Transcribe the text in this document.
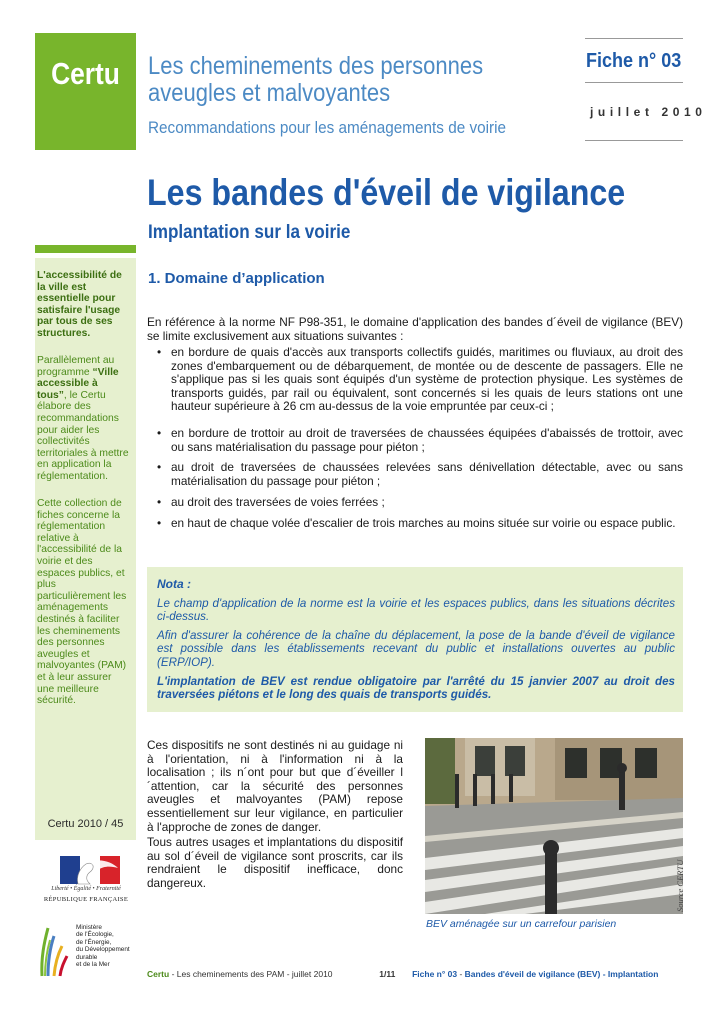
Certu
L'accessibilité de la ville est essentielle pour satisfaire l'usage par tous de ses structures.
Parallèlement au programme “Ville accessible à tous”, le Certu élabore des recommandations pour aider les collectivités territoriales à mettre en application la réglementation.
Cette collection de fiches concerne la réglementation relative à l'accessibilité de la voirie et des espaces publics, et plus particulièrement les aménagements destinés à faciliter les cheminements des personnes aveugles et malvoyantes (PAM) et à leur assurer une meilleure sécurité.
Certu 2010 / 45
Liberté • Égalité • Fraternité
RÉPUBLIQUE FRANÇAISE
Ministère
de l'Écologie,
de l'Énergie,
du Développement
durable
et de la Mer
Les cheminements des personnes
aveugles et malvoyantes
Recommandations pour les aménagements de voirie
Fiche n° 03
juillet 2010
Les bandes d'éveil de vigilance
Implantation sur la voirie
1. Domaine d’application
En référence à la norme NF P98-351, le domaine d'application des bandes d´éveil de vigilance (BEV) se limite exclusivement aux situations suivantes :
• en bordure de quais d'accès aux transports collectifs guidés, maritimes ou fluviaux, au droit des zones d'embarquement ou de débarquement, de montée ou de descente de passagers. Elle ne s'applique pas si les quais sont équipés d'un système de protection physique. Les systèmes de transports guidés, par rail ou équivalent, sont concernés si les quais de leurs stations ont une hauteur supérieure à 26 cm au-dessus de la voie empruntée par ceux-ci ;
• en bordure de trottoir au droit de traversées de chaussées équipées d'abaissés de trottoir, avec ou sans matérialisation du passage pour piéton ;
• au droit de traversées de chaussées relevées sans dénivellation détectable, avec ou sans matérialisation du passage pour piéton ;
• au droit des traversées de voies ferrées ;
• en haut de chaque volée d'escalier de trois marches au moins située sur voirie ou espace public.
Nota :
Le champ d'application de la norme est la voirie et les espaces publics, dans les situations décrites ci-dessus.
Afin d'assurer la cohérence de la chaîne du déplacement, la pose de la bande d'éveil de vigilance est possible dans les établissements recevant du public et installations ouvertes au public (ERP/IOP).
L'implantation de BEV est rendue obligatoire par l'arrêté du 15 janvier 2007 au droit des traversées piétons et le long des quais de transports guidés.
Ces dispositifs ne sont destinés ni au guidage ni à l'orientation, ni à l'information ni à la localisation ; ils n´ont pour but que d´éveiller l´attention, car la sécurité des personnes aveugles et malvoyantes (PAM) repose essentiellement sur leur vigilance, en particulier à l'approche de zones de danger.
Tous autres usages et implantations du dispositif au sol d´éveil de vigilance sont proscrits, car ils rendraient le dispositif inefficace, donc dangereux.
BEV aménagée sur un carrefour parisien
Source CERTU
Certu - Les cheminements des PAM - juillet 2010	1/11 Fiche n° 03 - Bandes d'éveil de vigilance (BEV) - Implantation
